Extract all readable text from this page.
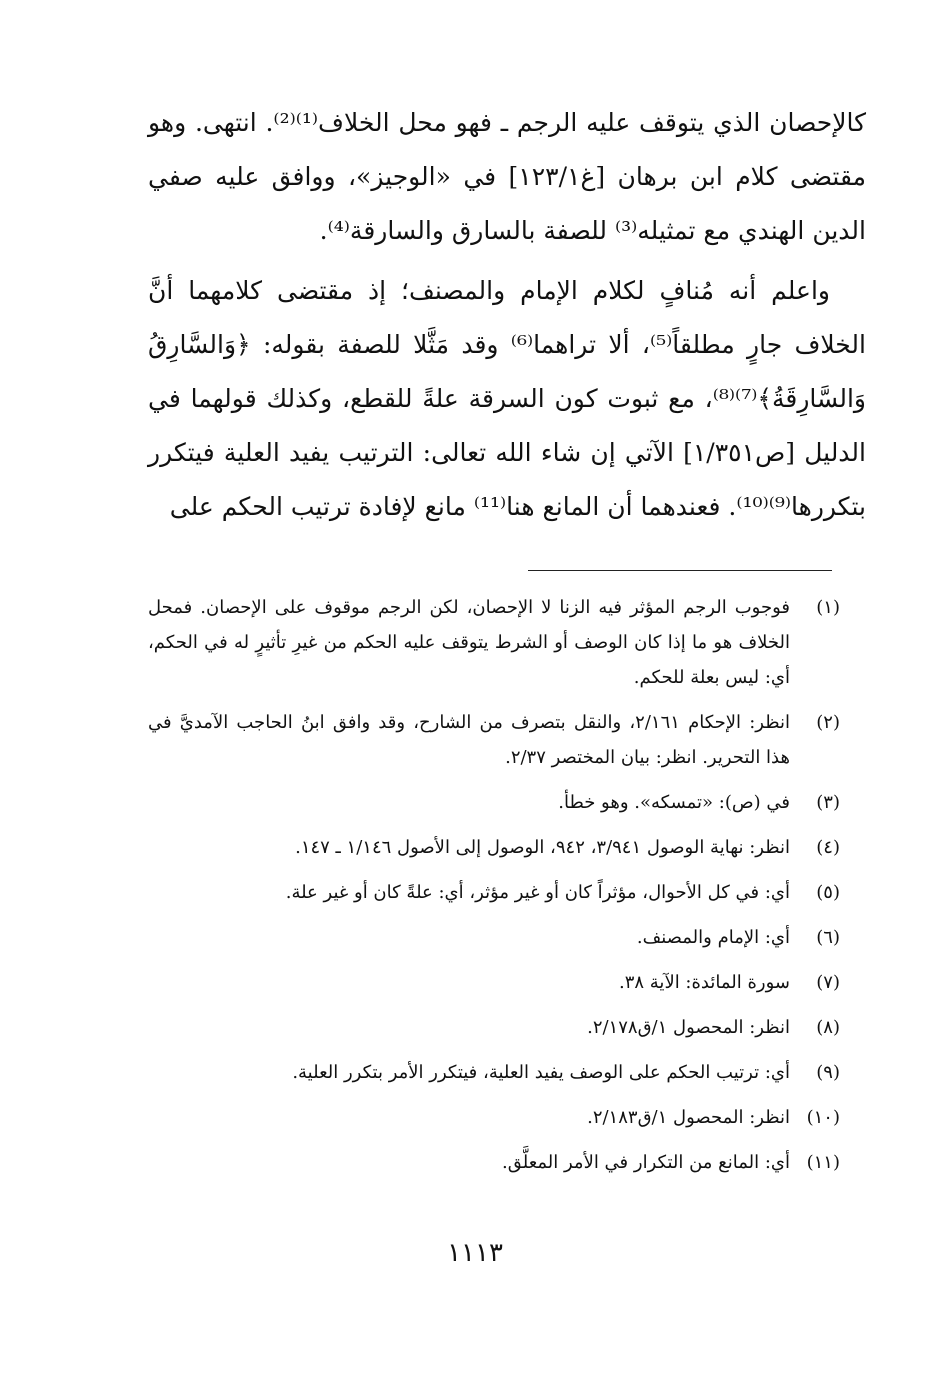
كالإحصان الذي يتوقف عليه الرجم ـ فهو محل الخلاف⁽¹⁾⁽²⁾. انتهى. وهو مقتضى كلام ابن برهان [غ١٢٣/١] في «الوجيز»، ووافق عليه صفي الدين الهندي مع تمثيله⁽³⁾ للصفة بالسارق والسارقة⁽⁴⁾.

واعلم أنه مُنافٍ لكلام الإمام والمصنف؛ إذ مقتضى كلامهما أنَّ الخلاف جارٍ مطلقاً⁽⁵⁾، ألا تراهما⁽⁶⁾ وقد مَثَّلا للصفة بقوله: ﴿وَالسَّارِقُ وَالسَّارِقَةُ﴾⁽⁷⁾⁽⁸⁾، مع ثبوت كون السرقة علةً للقطع، وكذلك قولهما في الدليل [ص١/٣٥١] الآتي إن شاء الله تعالى: الترتيب يفيد العلية فيتكرر بتكررها⁽⁹⁾⁽¹⁰⁾. فعندهما أن المانع هنا⁽¹¹⁾ مانع لإفادة ترتيب الحكم على

(١)
فوجوب الرجم المؤثر فيه الزنا لا الإحصان، لكن الرجم موقوف على الإحصان. فمحل الخلاف هو ما إذا كان الوصف أو الشرط يتوقف عليه الحكم من غيرِ تأثيرٍ له في الحكم، أي: ليس بعلة للحكم.
(٢)
انظر: الإحكام ٢/١٦١، والنقل بتصرف من الشارح، وقد وافق ابنُ الحاجب الآمديَّ في هذا التحرير. انظر: بيان المختصر ٢/٣٧.
(٣)
في (ص): «تمسكه». وهو خطأ.
(٤)
انظر: نهاية الوصول ٣/٩٤١، ٩٤٢، الوصول إلى الأصول ١/١٤٦ ـ ١٤٧.
(٥)
أي: في كل الأحوال، مؤثراً كان أو غير مؤثر، أي: علةً كان أو غير علة.
(٦)
أي: الإمام والمصنف.
(٧)
سورة المائدة: الآية ٣٨.
(٨)
انظر: المحصول ١/ق٢/١٧٨.
(٩)
أي: ترتيب الحكم على الوصف يفيد العلية، فيتكرر الأمر بتكرر العلية.
(١٠)
انظر: المحصول ١/ق٢/١٨٣.
(١١)
أي: المانع من التكرار في الأمر المعلَّق.
١١١٣
